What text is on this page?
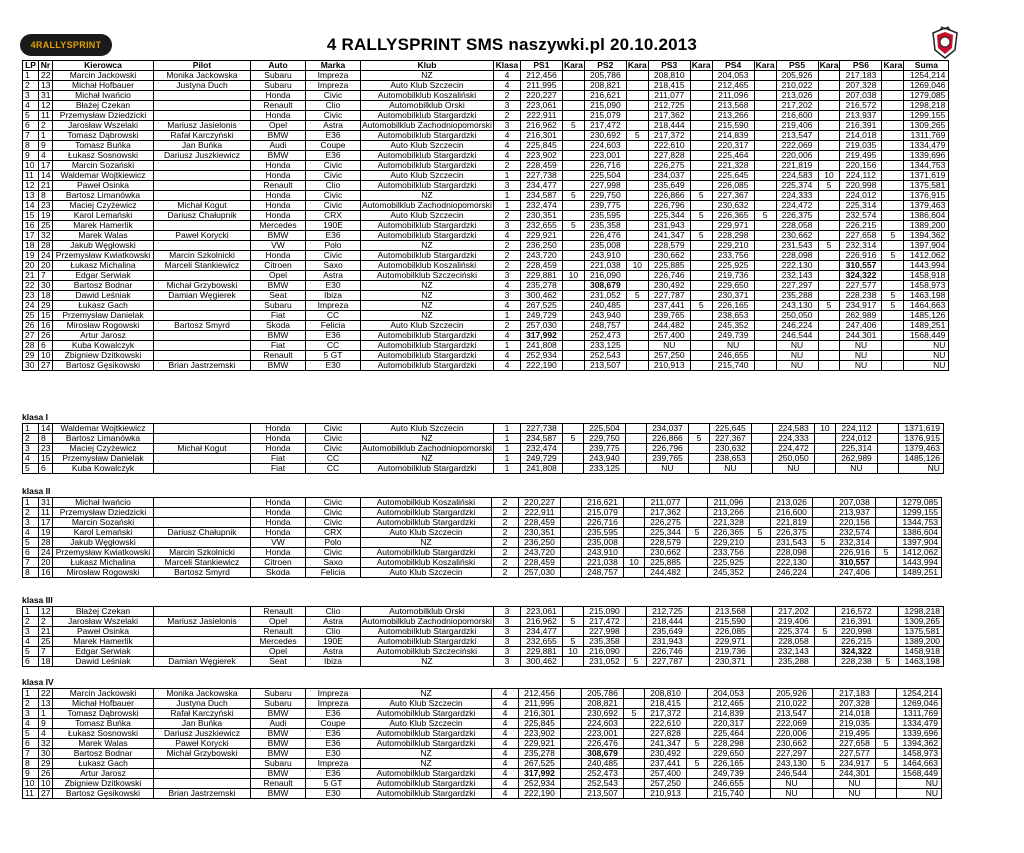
4RALLYSPRINT	4 RALLYSPRINT SMS naszywki.pl 20.10.2013
LP	Nr	Kierowca	Pilot	Auto	Marka	Klub	Klasa	PS1	Kara	PS2	Kara	PS3	Kara	PS4	Kara	PS5	Kara	PS6	Kara	Suma
1	22	Marcin Jackowski	Monika Jackowska	Subaru	Impreza	NZ	4	212,456		205,786		208,810		204,053		205,926		217,183		1254,214
2	13	Michał Hofbauer	Justyna Duch	Subaru	Impreza	Auto Klub Szczecin	4	211,995		208,821		218,415		212,465		210,022		207,328		1269,046
3	31	Michał Iwańcio		Honda	Civic	Automobilklub Koszaliński	2	220,227		216,621		211,077		211,096		213,026		207,038		1279,085
4	12	Błażej Czekan		Renault	Clio	Automobilklub Orski	3	223,061		215,090		212,725		213,568		217,202		216,572		1298,218
5	11	Przemysław Dziedzicki		Honda	Civic	Automobilklub Stargardzki	2	222,911		215,079		217,362		213,266		216,600		213,937		1299,155
6	2	Jarosław Wszelaki	Mariusz Jasielonis	Opel	Astra	Automobilklub Zachodniopomorski	3	216,962	5	217,472		218,444		215,590		219,406		216,391		1309,265
7	1	Tomasz Dąbrowski	Rafał Karczyński	BMW	E36	Automobilklub Stargardzki	4	216,301		230,692	5	217,372		214,839		213,547		214,018		1311,769
8	9	Tomasz Buńka	Jan Buńka	Audi	Coupe	Auto Klub Szczecin	4	225,845		224,603		222,610		220,317		222,069		219,035		1334,479
9	4	Łukasz Sosnowski	Dariusz Juszkiewicz	BMW	E36	Automobilklub Stargardzki	4	223,902		223,001		227,828		225,464		220,006		219,495		1339,696
10	17	Marcin Sozański		Honda	Civic	Automobilklub Stargardzki	2	228,459		226,716		226,275		221,328		221,819		220,156		1344,753
11	14	Waldemar Wojtkiewicz		Honda	Civic	Auto Klub Szczecin	1	227,738		225,504		234,037		225,645		224,583	10	224,112		1371,619
12	21	Paweł Osinka		Renault	Clio	Automobilklub Stargardzki	3	234,477		227,998		235,649		226,085		225,374	5	220,998		1375,581
13	8	Bartosz Limanówka		Honda	Civic	NZ	1	234,587	5	229,750		226,866	5	227,367		224,333		224,012		1376,915
14	23	Maciej Czyżewicz	Michał Kogut	Honda	Civic	Automobilklub Zachodniopomorski	1	232,474		239,775		226,796		230,632		224,472		225,314		1379,463
15	19	Karol Lemański	Dariusz Chałupnik	Honda	CRX	Auto Klub Szczecin	2	230,351		235,595		225,344	5	226,365	5	226,375		232,574		1386,604
16	25	Marek Hamerlik		Mercedes	190E	Automobilklub Stargardzki	3	232,655	5	235,358		231,943		229,971		228,058		226,215		1389,200
17	32	Marek Walas	Paweł Korycki	BMW	E36	Automobilklub Stargardzki	4	229,921		226,476		241,347	5	228,298		230,662		227,658	5	1394,362
18	28	Jakub Węgłowski		VW	Polo	NZ	2	236,250		235,008		228,579		229,210		231,543	5	232,314		1397,904
19	24	Przemysław Kwiatkowski	Marcin Szkolnicki	Honda	Civic	Automobilklub Stargardzki	2	243,720		243,910		230,662		233,756		228,098		226,916	5	1412,062
20	20	Łukasz Michalina	Marceli Stankiewicz	Citroen	Saxo	Automobilklub Koszaliński	2	228,459		221,038	10	225,885		225,925		222,130		310,557		1443,994
21	7	Edgar Serwiak		Opel	Astra	Automobilklub Szczeciński	3	229,881	10	216,090		226,746		219,736		232,143		324,322		1458,918
22	30	Bartosz Bodnar	Michał Grzybowski	BMW	E30	NZ	4	235,278		308,679		230,492		229,650		227,297		227,577		1458,973
23	18	Dawid Leśniak	Damian Węgierek	Seat	Ibiza	NZ	3	300,462		231,052	5	227,787		230,371		235,288		228,238	5	1463,198
24	29	Łukasz Gach		Subaru	Impreza	NZ	4	267,525		240,485		237,441	5	226,165		243,130	5	234,917	5	1464,663
25	15	Przemysław Danielak		Fiat	CC	NZ	1	249,729		243,940		239,765		238,653		250,050		262,989		1485,126
26	16	Mirosław Rogowski	Bartosz Smyrd	Skoda	Felicia	Auto Klub Szczecin	2	257,030		248,757		244,482		245,352		246,224		247,406		1489,251
27	26	Artur Jarosz		BMW	E36	Automobilklub Stargardzki	4	317,992		252,473		257,400		249,739		246,544		244,301		1568,449
28	6	Kuba Kowalczyk		Fiat	CC	Automobilklub Stargardzki	1	241,808		233,125		NU		NU		NU		NU		NU
29	10	Zbigniew Dzitkowski		Renault	5 GT	Automobilklub Stargardzki	4	252,934		252,543		257,250		246,655		NU		NU		NU
30	27	Bartosz Gęsikowski	Brian Jastrzemski	BMW	E30	Automobilklub Stargardzki	4	222,190		213,507		210,913		215,740		NU		NU		NU
klasa I
1	14	Waldemar Wojtkiewicz		Honda	Civic	Auto Klub Szczecin	1	227,738		225,504		234,037		225,645		224,583	10	224,112		1371,619
2	8	Bartosz Limanówka		Honda	Civic	NZ	1	234,587	5	229,750		226,866	5	227,367		224,333		224,012		1376,915
3	23	Maciej Czyżewicz	Michał Kogut	Honda	Civic	Automobilklub Zachodniopomorski	1	232,474		239,775		226,796		230,632		224,472		225,314		1379,463
4	15	Przemysław Danielak		Fiat	CC	NZ	1	249,729		243,940		239,765		238,653		250,050		262,989		1485,126
5	6	Kuba Kowalczyk		Fiat	CC	Automobilklub Stargardzki	1	241,808		233,125		NU		NU		NU		NU		NU
klasa II
1	31	Michał Iwańcio		Honda	Civic	Automobilklub Koszaliński	2	220,227		216,621		211,077		211,096		213,026		207,038		1279,085
2	11	Przemysław Dziedzicki		Honda	Civic	Automobilklub Stargardzki	2	222,911		215,079		217,362		213,266		216,600		213,937		1299,155
3	17	Marcin Sozański		Honda	Civic	Automobilklub Stargardzki	2	228,459		226,716		226,275		221,328		221,819		220,156		1344,753
4	19	Karol Lemański	Dariusz Chałupnik	Honda	CRX	Auto Klub Szczecin	2	230,351		235,595		225,344	5	226,365	5	226,375		232,574		1386,604
5	28	Jakub Węgłowski		VW	Polo	NZ	2	236,250		235,008		228,579		229,210		231,543	5	232,314		1397,904
6	24	Przemysław Kwiatkowski	Marcin Szkolnicki	Honda	Civic	Automobilklub Stargardzki	2	243,720		243,910		230,662		233,756		228,098		226,916	5	1412,062
7	20	Łukasz Michalina	Marceli Stankiewicz	Citroen	Saxo	Automobilklub Koszaliński	2	228,459		221,038	10	225,885		225,925		222,130		310,557		1443,994
8	16	Mirosław Rogowski	Bartosz Smyrd	Skoda	Felicia	Auto Klub Szczecin	2	257,030		248,757		244,482		245,352		246,224		247,406		1489,251
klasa III
1	12	Błażej Czekan		Renault	Clio	Automobilklub Orski	3	223,061		215,090		212,725		213,568		217,202		216,572		1298,218
2	2	Jarosław Wszelaki	Mariusz Jasielonis	Opel	Astra	Automobilklub Zachodniopomorski	3	216,962	5	217,472		218,444		215,590		219,406		216,391		1309,265
3	21	Paweł Osinka		Renault	Clio	Automobilklub Stargardzki	3	234,477		227,998		235,649		226,085		225,374	5	220,998		1375,581
4	25	Marek Hamerlik		Mercedes	190E	Automobilklub Stargardzki	3	232,655	5	235,358		231,943		229,971		228,058		226,215		1389,200
5	7	Edgar Serwiak		Opel	Astra	Automobilklub Szczeciński	3	229,881	10	216,090		226,746		219,736		232,143		324,322		1458,918
6	18	Dawid Leśniak	Damian Węgierek	Seat	Ibiza	NZ	3	300,462		231,052	5	227,787		230,371		235,288		228,238	5	1463,198
klasa IV
1	22	Marcin Jackowski	Monika Jackowska	Subaru	Impreza	NZ	4	212,456		205,786		208,810		204,053		205,926		217,183		1254,214
2	13	Michał Hofbauer	Justyna Duch	Subaru	Impreza	Auto Klub Szczecin	4	211,995		208,821		218,415		212,465		210,022		207,328		1269,046
3	1	Tomasz Dąbrowski	Rafał Karczyński	BMW	E36	Automobilklub Stargardzki	4	216,301		230,692	5	217,372		214,839		213,547		214,018		1311,769
4	9	Tomasz Buńka	Jan Buńka	Audi	Coupe	Auto Klub Szczecin	4	225,845		224,603		222,610		220,317		222,069		219,035		1334,479
5	4	Łukasz Sosnowski	Dariusz Juszkiewicz	BMW	E36	Automobilklub Stargardzki	4	223,902		223,001		227,828		225,464		220,006		219,495		1339,696
6	32	Marek Walas	Paweł Korycki	BMW	E36	Automobilklub Stargardzki	4	229,921		226,476		241,347	5	228,298		230,662		227,658	5	1394,362
7	30	Bartosz Bodnar	Michał Grzybowski	BMW	E30	NZ	4	235,278		308,679		230,492		229,650		227,297		227,577		1458,973
8	29	Łukasz Gach		Subaru	Impreza	NZ	4	267,525		240,485		237,441	5	226,165		243,130	5	234,917	5	1464,663
9	26	Artur Jarosz		BMW	E36	Automobilklub Stargardzki	4	317,992		252,473		257,400		249,739		246,544		244,301		1568,449
10	10	Zbigniew Dzitkowski		Renault	5 GT	Automobilklub Stargardzki	4	252,934		252,543		257,250		246,655		NU		NU		NU
11	27	Bartosz Gęsikowski	Brian Jastrzemski	BMW	E30	Automobilklub Stargardzki	4	222,190		213,507		210,913		215,740		NU		NU		NU
